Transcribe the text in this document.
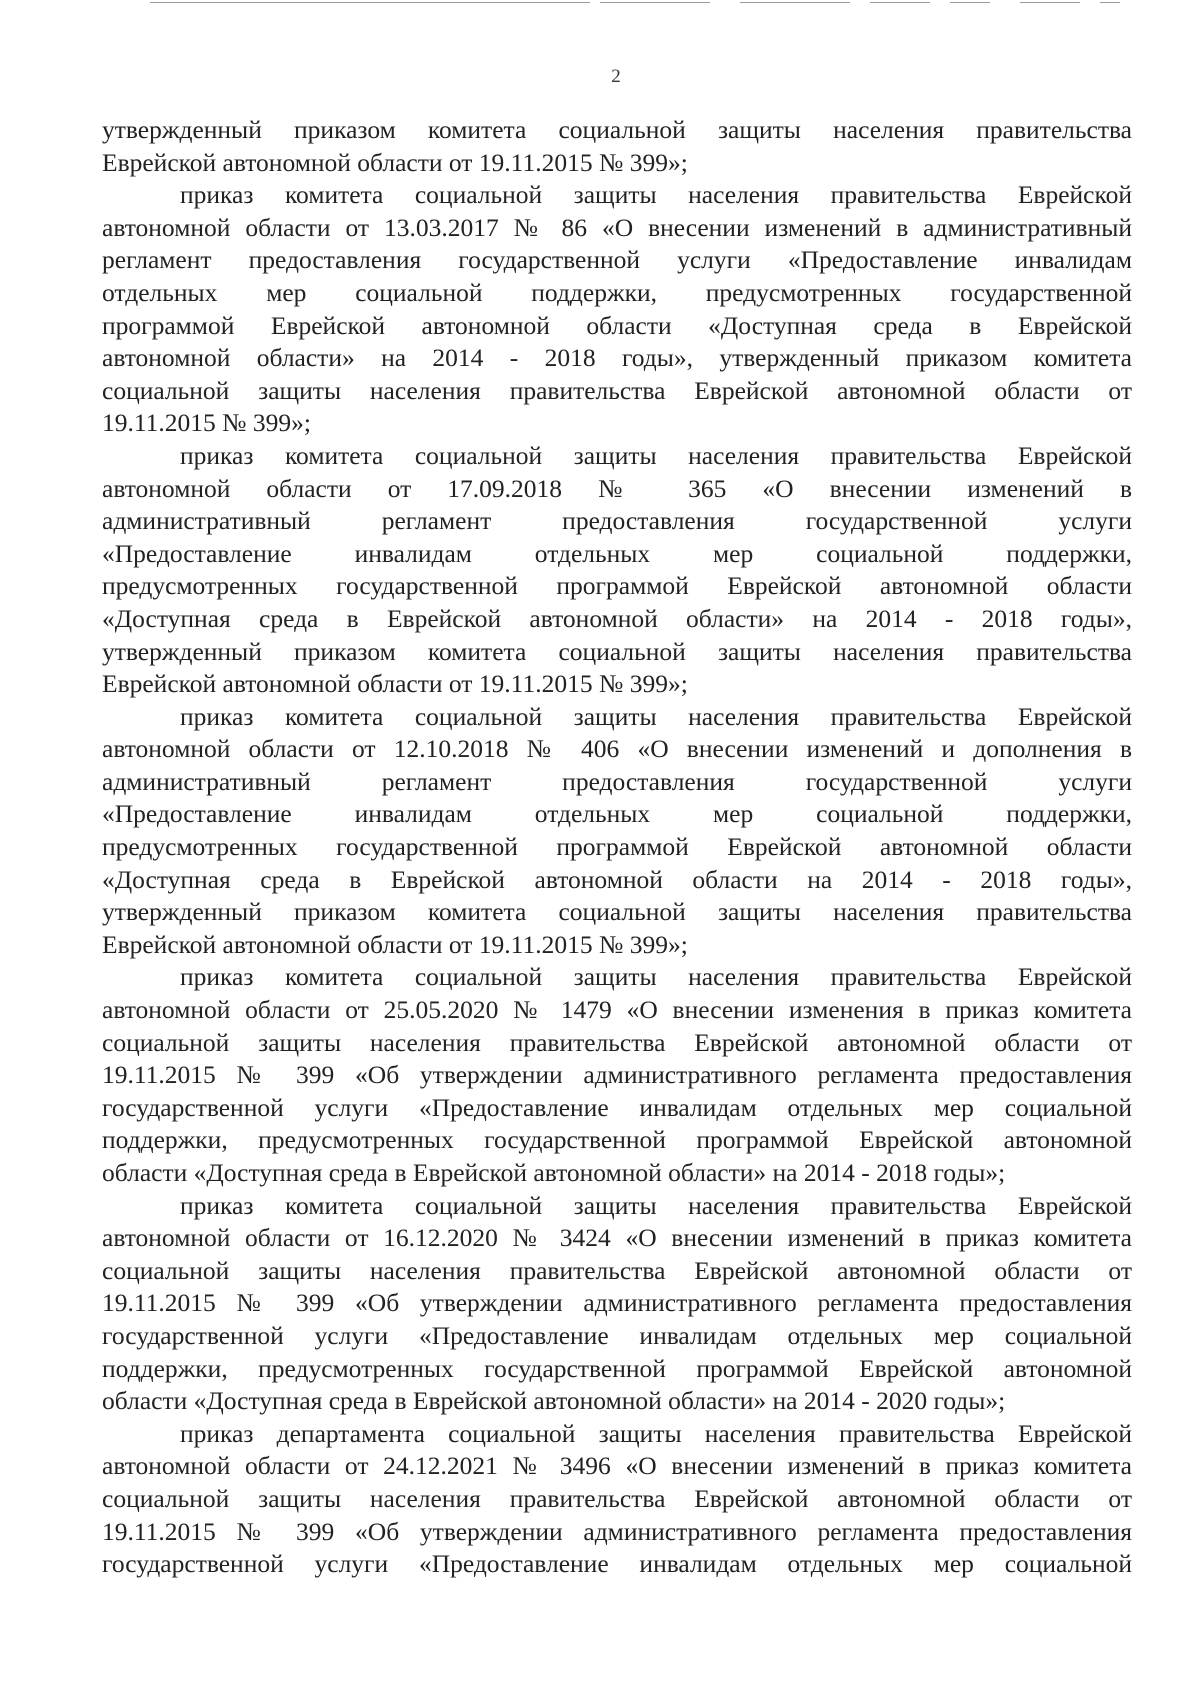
2
утвержденный приказом комитета социальной защиты населения правительства
Еврейской автономной области от 19.11.2015 № 399»;
приказ комитета социальной защиты населения правительства Еврейской
автономной области от 13.03.2017 № 86 «О внесении изменений в административный
регламент предоставления государственной услуги «Предоставление инвалидам
отдельных мер социальной поддержки, предусмотренных государственной
программой Еврейской автономной области «Доступная среда в Еврейской
автономной области» на 2014 - 2018 годы», утвержденный приказом комитета
социальной защиты населения правительства Еврейской автономной области от
19.11.2015 № 399»;
приказ комитета социальной защиты населения правительства Еврейской
автономной области от 17.09.2018 № 365 «О внесении изменений в
административный регламент предоставления государственной услуги
«Предоставление инвалидам отдельных мер социальной поддержки,
предусмотренных государственной программой Еврейской автономной области
«Доступная среда в Еврейской автономной области» на 2014 - 2018 годы»,
утвержденный приказом комитета социальной защиты населения правительства
Еврейской автономной области от 19.11.2015 № 399»;
приказ комитета социальной защиты населения правительства Еврейской
автономной области от 12.10.2018 № 406 «О внесении изменений и дополнения в
административный регламент предоставления государственной услуги
«Предоставление инвалидам отдельных мер социальной поддержки,
предусмотренных государственной программой Еврейской автономной области
«Доступная среда в Еврейской автономной области на 2014 - 2018 годы»,
утвержденный приказом комитета социальной защиты населения правительства
Еврейской автономной области от 19.11.2015 № 399»;
приказ комитета социальной защиты населения правительства Еврейской
автономной области от 25.05.2020 № 1479 «О внесении изменения в приказ комитета
социальной защиты населения правительства Еврейской автономной области от
19.11.2015 № 399 «Об утверждении административного регламента предоставления
государственной услуги «Предоставление инвалидам отдельных мер социальной
поддержки, предусмотренных государственной программой Еврейской автономной
области «Доступная среда в Еврейской автономной области» на 2014 - 2018 годы»;
приказ комитета социальной защиты населения правительства Еврейской
автономной области от 16.12.2020 № 3424 «О внесении изменений в приказ комитета
социальной защиты населения правительства Еврейской автономной области от
19.11.2015 № 399 «Об утверждении административного регламента предоставления
государственной услуги «Предоставление инвалидам отдельных мер социальной
поддержки, предусмотренных государственной программой Еврейской автономной
области «Доступная среда в Еврейской автономной области» на 2014 - 2020 годы»;
приказ департамента социальной защиты населения правительства Еврейской
автономной области от 24.12.2021 № 3496 «О внесении изменений в приказ комитета
социальной защиты населения правительства Еврейской автономной области от
19.11.2015 № 399 «Об утверждении административного регламента предоставления
государственной услуги «Предоставление инвалидам отдельных мер социальной
